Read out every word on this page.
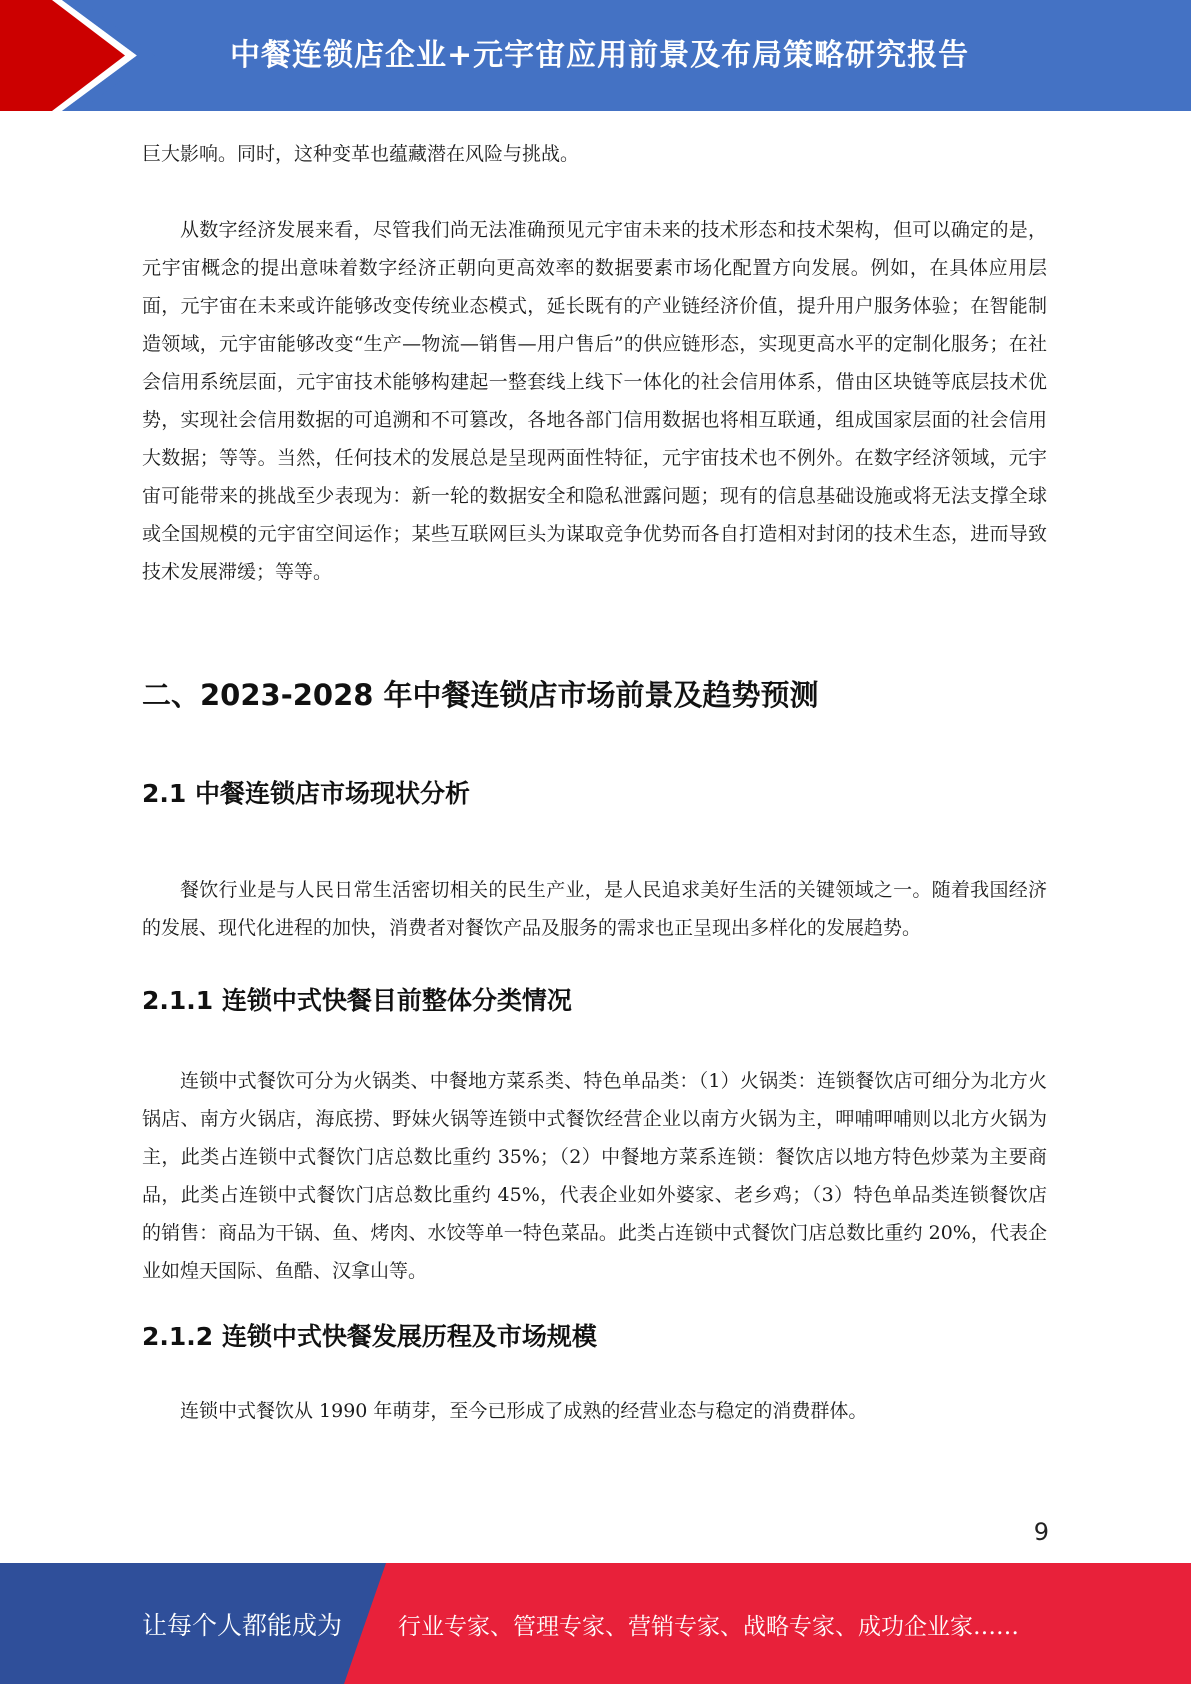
中餐连锁店企业+元宇宙应用前景及布局策略研究报告

巨大影响。同时，这种变革也蕴藏潜在风险与挑战。

从数字经济发展来看，尽管我们尚无法准确预见元宇宙未来的技术形态和技术架构，但可以确定的是，元宇宙概念的提出意味着数字经济正朝向更高效率的数据要素市场化配置方向发展。例如，在具体应用层面，元宇宙在未来或许能够改变传统业态模式，延长既有的产业链经济价值，提升用户服务体验；在智能制造领域，元宇宙能够改变“生产—物流—销售—用户售后”的供应链形态，实现更高水平的定制化服务；在社会信用系统层面，元宇宙技术能够构建起一整套线上线下一体化的社会信用体系，借由区块链等底层技术优势，实现社会信用数据的可追溯和不可篡改，各地各部门信用数据也将相互联通，组成国家层面的社会信用大数据；等等。当然，任何技术的发展总是呈现两面性特征，元宇宙技术也不例外。在数字经济领域，元宇宙可能带来的挑战至少表现为：新一轮的数据安全和隐私泄露问题；现有的信息基础设施或将无法支撑全球或全国规模的元宇宙空间运作；某些互联网巨头为谋取竞争优势而各自打造相对封闭的技术生态，进而导致技术发展滞缓；等等。

二、2023-2028 年中餐连锁店市场前景及趋势预测
2.1 中餐连锁店市场现状分析

餐饮行业是与人民日常生活密切相关的民生产业，是人民追求美好生活的关键领域之一。随着我国经济的发展、现代化进程的加快，消费者对餐饮产品及服务的需求也正呈现出多样化的发展趋势。

2.1.1 连锁中式快餐目前整体分类情况

连锁中式餐饮可分为火锅类、中餐地方菜系类、特色单品类：（1）火锅类：连锁餐饮店可细分为北方火锅店、南方火锅店，海底捞、野妹火锅等连锁中式餐饮经营企业以南方火锅为主，呷哺呷哺则以北方火锅为主，此类占连锁中式餐饮门店总数比重约 35%；（2）中餐地方菜系连锁：餐饮店以地方特色炒菜为主要商品，此类占连锁中式餐饮门店总数比重约 45%，代表企业如外婆家、老乡鸡；（3）特色单品类连锁餐饮店的销售：商品为干锅、鱼、烤肉、水饺等单一特色菜品。此类占连锁中式餐饮门店总数比重约 20%，代表企业如煌天国际、鱼酷、汉拿山等。

2.1.2 连锁中式快餐发展历程及市场规模

连锁中式餐饮从 1990 年萌芽，至今已形成了成熟的经营业态与稳定的消费群体。

9
让每个人都能成为 行业专家、管理专家、营销专家、战略专家、成功企业家……
